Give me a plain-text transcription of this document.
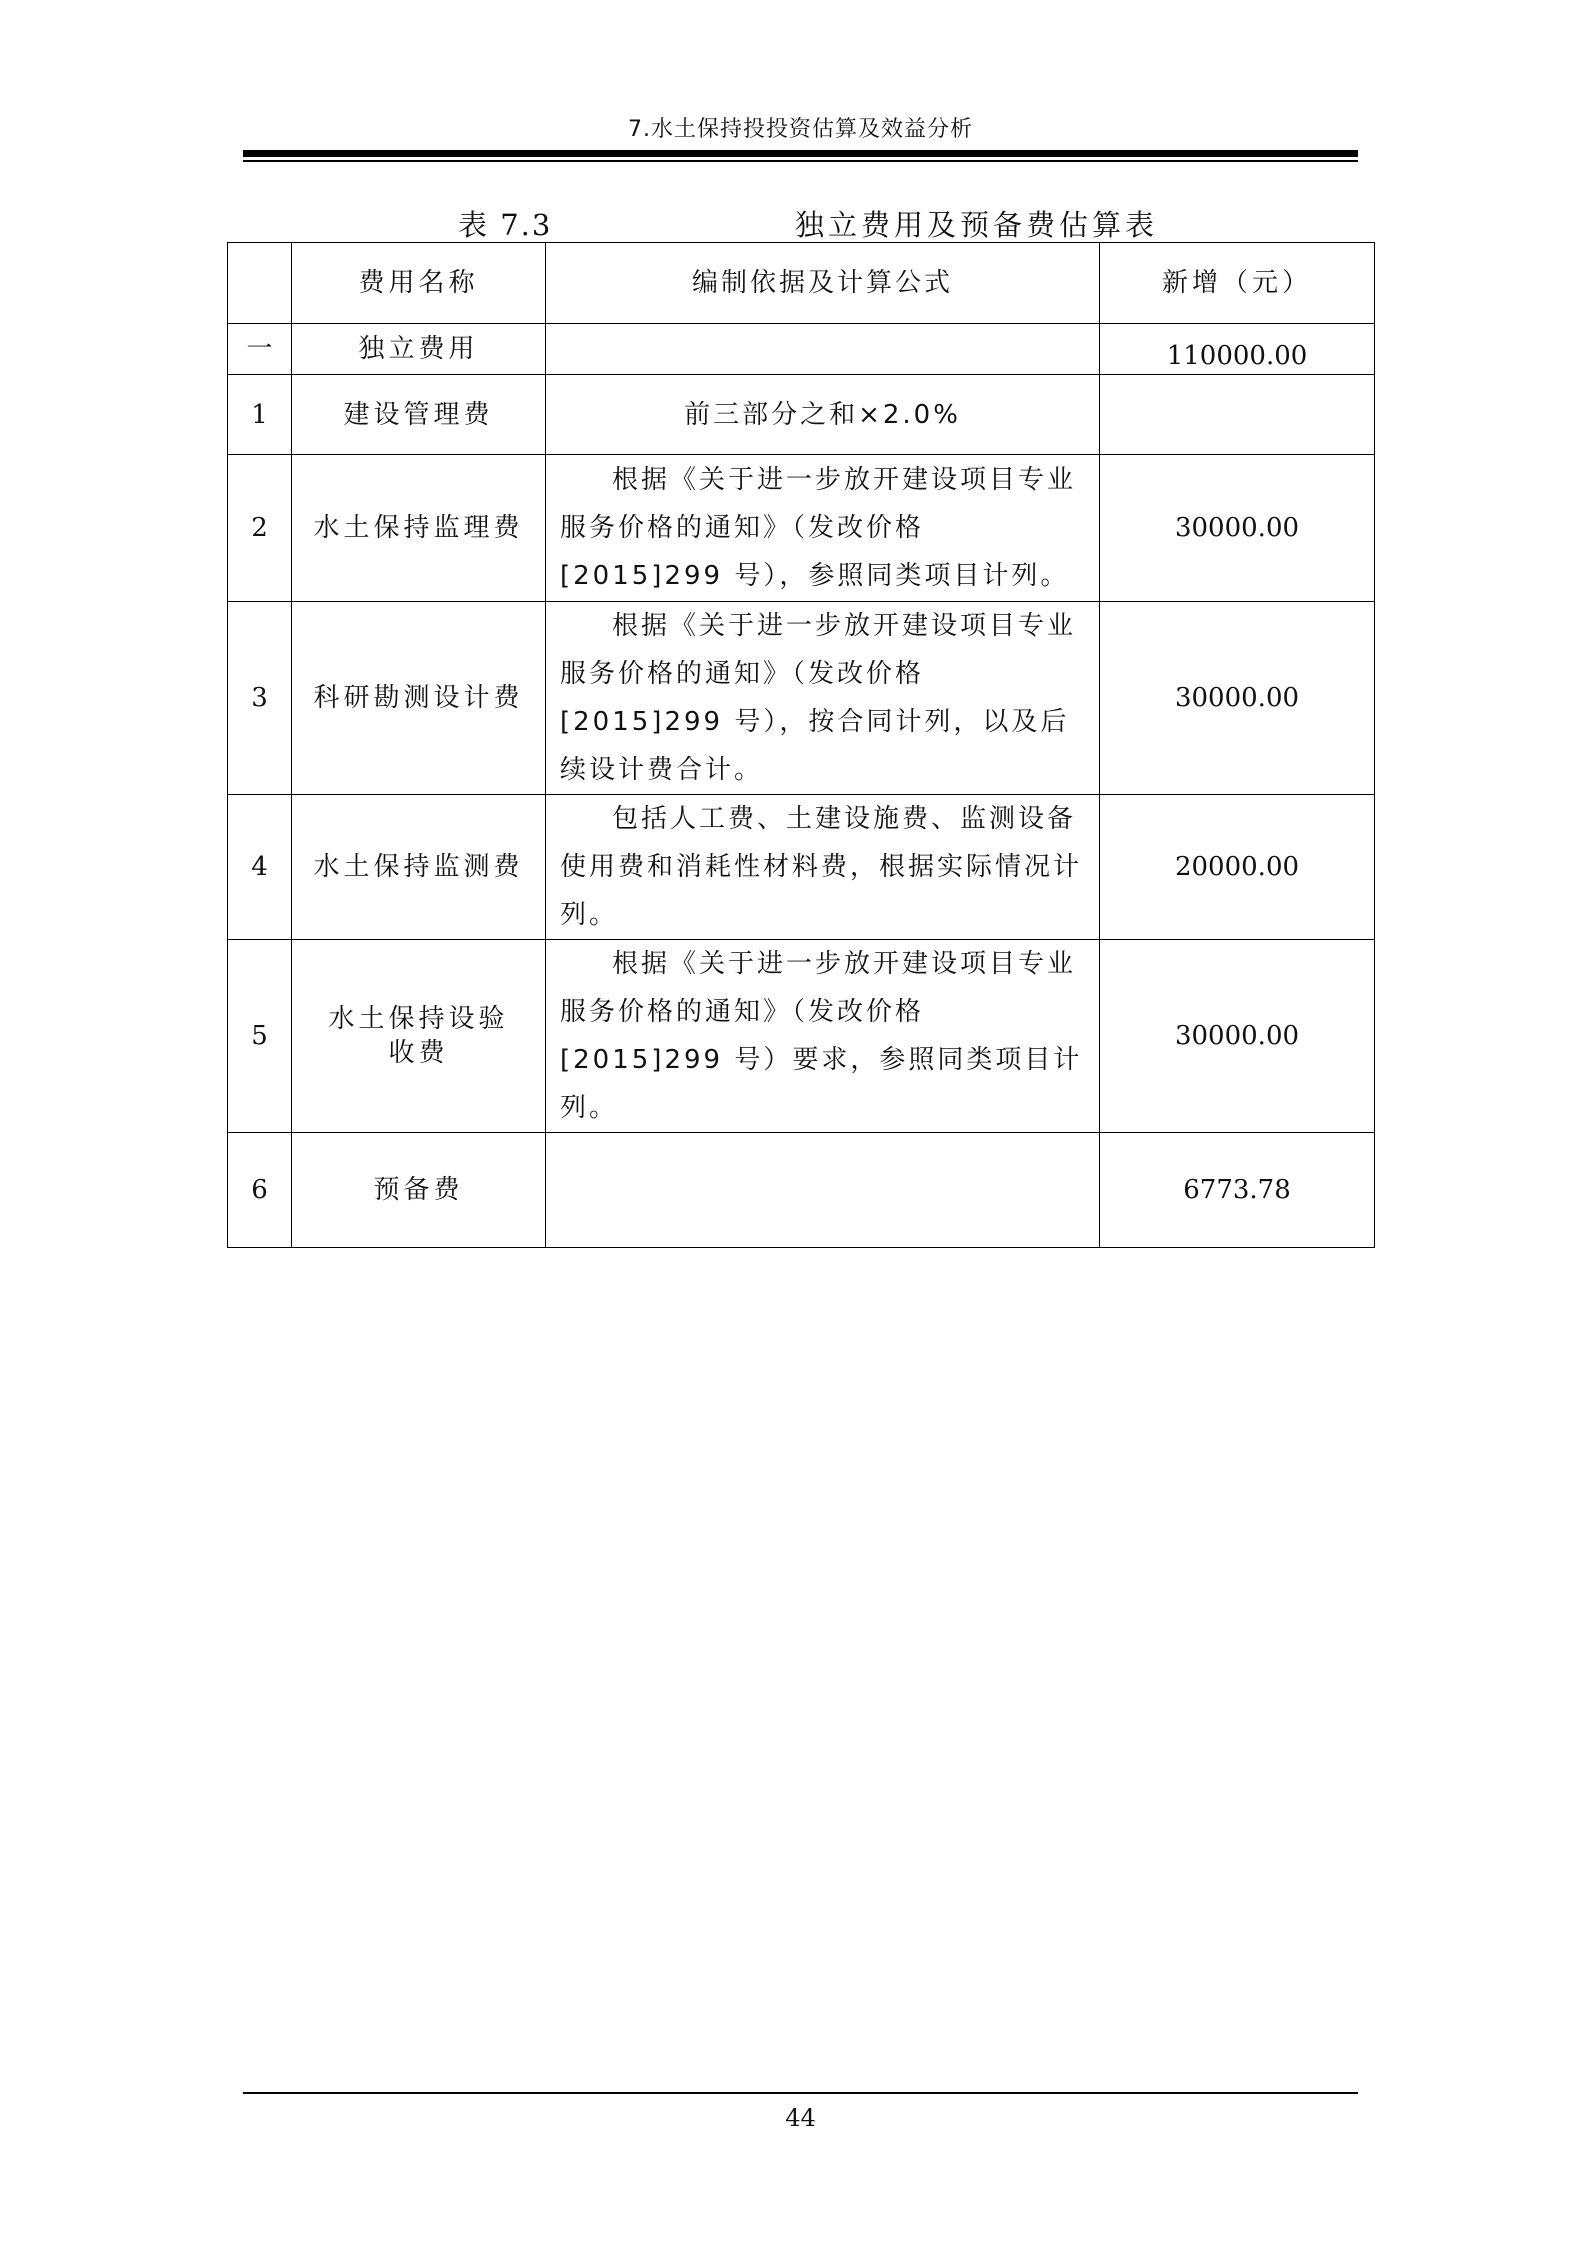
7.水土保持投投资估算及效益分析
表 7.3	独立费用及预备费估算表
	费用名称	编制依据及计算公式	新增（元）
一	独立费用		110000.00
1	建设管理费	前三部分之和×2.0%	
2	水土保持监理费	根据《关于进一步放开建设项目专业服务价格的通知》（发改价格[2015]299 号），参照同类项目计列。	30000.00
3	科研勘测设计费	根据《关于进一步放开建设项目专业服务价格的通知》（发改价格[2015]299 号），按合同计列，以及后续设计费合计。	30000.00
4	水土保持监测费	包括人工费、土建设施费、监测设备使用费和消耗性材料费，根据实际情况计列。	20000.00
5	水土保持设验收费	根据《关于进一步放开建设项目专业服务价格的通知》（发改价格[2015]299 号）要求，参照同类项目计列。	30000.00
6	预备费		6773.78
44
